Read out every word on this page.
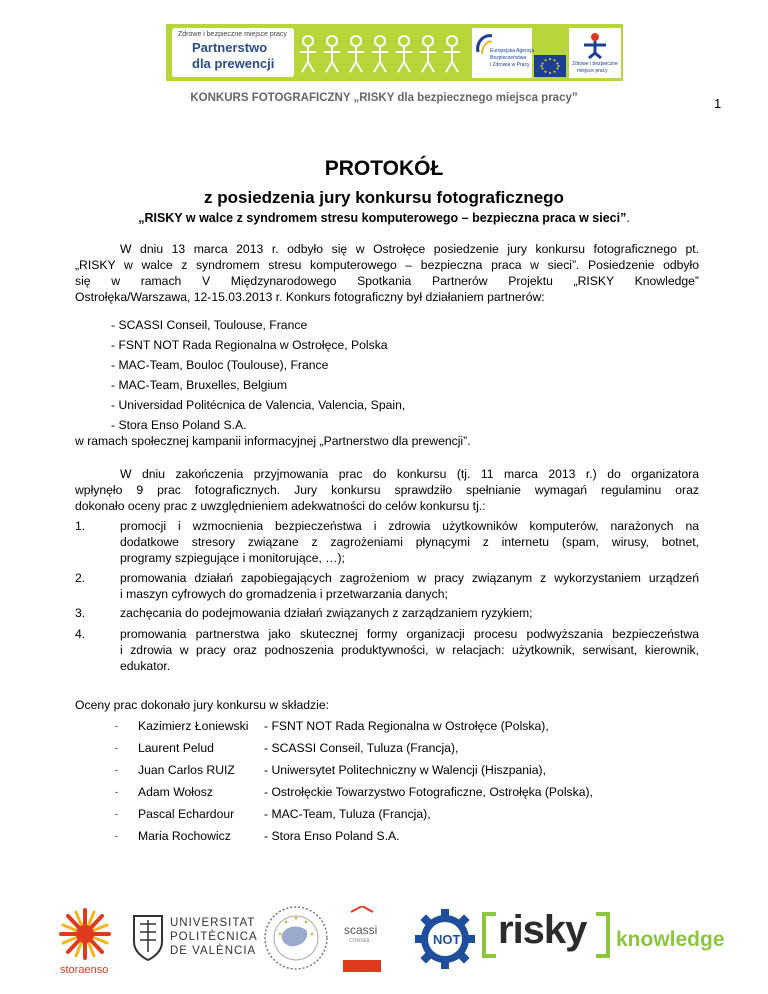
Zdrowe i bezpieczne miejsce pracy
Partnerstwo
dla prewencji
Europejska Agencja
Bezpieczeństwa
i Zdrowia w Pracy	Zdrowe i bezpieczne
miejsce pracy
1
KONKURS FOTOGRAFICZNY „RISKY dla bezpiecznego miejsca pracy”
PROTOKÓŁ
z posiedzenia jury konkursu fotograficznego
„RISKY w walce z syndromem stresu komputerowego – bezpieczna praca w sieci”.
W dniu 13 marca 2013 r. odbyło się w Ostrołęce posiedzenie jury konkursu fotograficznego pt.
„RISKY w walce z syndromem stresu komputerowego – bezpieczna praca w sieci”. Posiedzenie odbyło
się w ramach V Międzynarodowego Spotkania Partnerów Projektu „RISKY Knowledge”
Ostrołęka/Warszawa, 12-15.03.2013 r. Konkurs fotograficzny był działaniem partnerów:
- SCASSI Conseil, Toulouse, France
- FSNT NOT Rada Regionalna w Ostrołęce, Polska
- MAC-Team, Bouloc (Toulouse), France
- MAC-Team, Bruxelles, Belgium
- Universidad Politécnica de Valencia, Valencia, Spain,
- Stora Enso Poland S.A.
w ramach społecznej kampanii informacyjnej „Partnerstwo dla prewencji”.
W dniu zakończenia przyjmowania prac do konkursu (tj. 11 marca 2013 r.) do organizatora
wpłynęło 9 prac fotograficznych. Jury konkursu sprawdziło spełnianie wymagań regulaminu oraz
dokonało oceny prac z uwzględnieniem adekwatności do celów konkursu tj.:
1.	promocji i wzmocnienia bezpieczeństwa i zdrowia użytkowników komputerów, narażonych na
dodatkowe stresory związane z zagrożeniami płynącymi z internetu (spam, wirusy, botnet,
programy szpiegujące i monitorujące, …);
2.	promowania działań zapobiegających zagrożeniom w pracy związanym z wykorzystaniem urządzeń
i maszyn cyfrowych do gromadzenia i przetwarzania danych;
3.	zachęcania do podejmowania działań związanych z zarządzaniem ryzykiem;
4.	promowania partnerstwa jako skutecznej formy organizacji procesu podwyższania bezpieczeństwa
i zdrowia w pracy oraz podnoszenia produktywności, w relacjach: użytkownik, serwisant, kierownik,
edukator.
Oceny prac dokonało jury konkursu w składzie:
- Kazimierz Łoniewski - FSNT NOT Rada Regionalna w Ostrołęce (Polska),
- Laurent Pelud	- SCASSI Conseil, Tuluza (Francja),
- Juan Carlos RUIZ - Uniwersytet Politechniczny w Walencji (Hiszpania),
- Adam Wołosz	- Ostrołęckie Towarzystwo Fotograficzne, Ostrołęka (Polska),
- Pascal Echardour - MAC-Team, Tuluza (Francja),
- Maria Rochowicz	- Stora Enso Poland S.A.
storaenso
UNIVERSITAT
POLITÈCNICA
DE VALÈNCIA
scassi
CONSEIL	NOT risky knowledge
